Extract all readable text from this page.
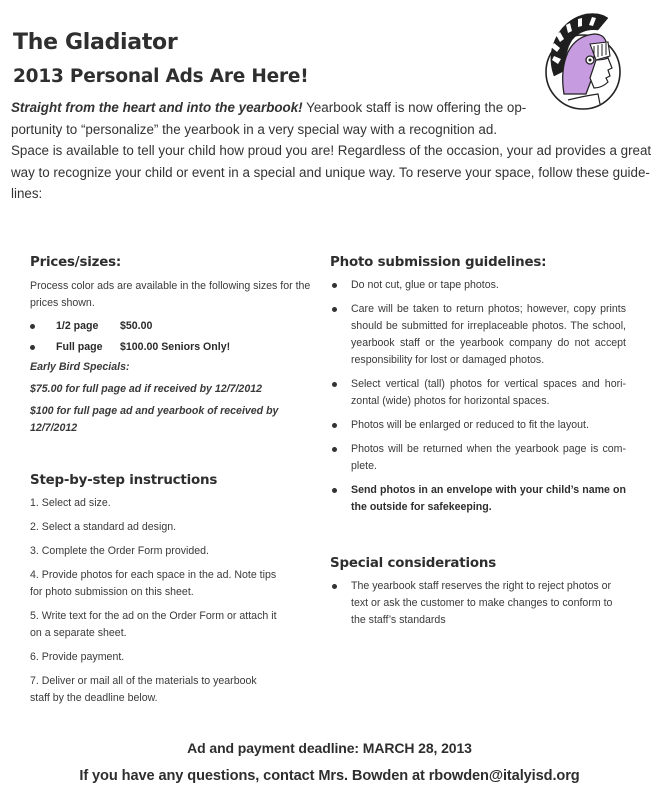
The Gladiator
2013 Personal Ads Are Here!
Straight from the heart and into the yearbook! Yearbook staff is now offering the op-
portunity to “personalize” the yearbook in a very special way with a recognition ad.
Space is available to tell your child how proud you are! Regardless of the occasion, your ad provides a great way to recognize your child or event in a special and unique way. To reserve your space, follow these guide-lines:
Prices/sizes:

Process color ads are available in the following sizes for the prices shown.

1/2 page	$50.00
Full page	$100.00 Seniors Only!
Early Bird Specials:
$75.00 for full page ad if received by 12/7/2012
$100 for full page ad and yearbook of received by 12/7/2012
Step-by-step instructions
1. Select ad size.
2. Select a standard ad design.
3. Complete the Order Form provided.
4. Provide photos for each space in the ad. Note tips for photo submission on this sheet.
5. Write text for the ad on the Order Form or attach it on a separate sheet.
6. Provide payment.
7. Deliver or mail all of the materials to yearbook staff by the deadline below.
Photo submission guidelines:
Do not cut, glue or tape photos.
Care will be taken to return photos; however, copy prints should be submitted for irreplaceable photos. The school, yearbook staff or the yearbook company do not accept responsibility for lost or damaged photos.
Select vertical (tall) photos for vertical spaces and hori-zontal (wide) photos for horizontal spaces.
Photos will be enlarged or reduced to fit the layout.
Photos will be returned when the yearbook page is com-plete.
Send photos in an envelope with your child’s name on the outside for safekeeping.
Special considerations
The yearbook staff reserves the right to reject photos or text or ask the customer to make changes to conform to the staff’s standards

Ad and payment deadline: MARCH 28, 2013

If you have any questions, contact Mrs. Bowden at rbowden@italyisd.org
